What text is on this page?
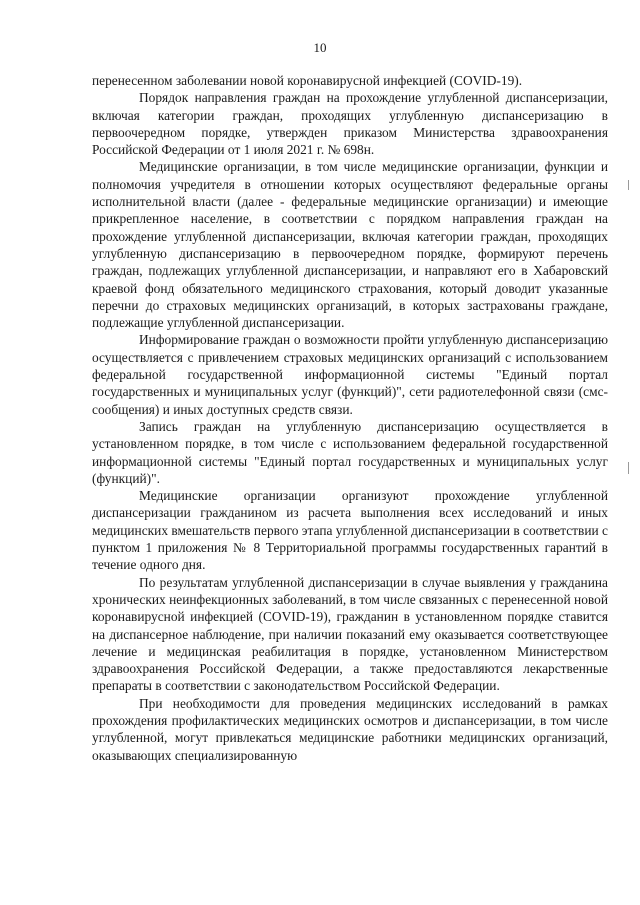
10

перенесенном заболевании новой коронавирусной инфекцией (COVID-19).

Порядок направления граждан на прохождение углубленной диспансеризации, включая категории граждан, проходящих углубленную диспансеризацию в первоочередном порядке, утвержден приказом Министерства здравоохранения Российской Федерации от 1 июля 2021 г. № 698н.

Медицинские организации, в том числе медицинские организации, функции и полномочия учредителя в отношении которых осуществляют федеральные органы исполнительной власти (далее - федеральные медицинские организации) и имеющие прикрепленное население, в соответствии с порядком направления граждан на прохождение углубленной диспансеризации, включая категории граждан, проходящих углубленную диспансеризацию в первоочередном порядке, формируют перечень граждан, подлежащих углубленной диспансеризации, и направляют его в Хабаровский краевой фонд обязательного медицинского страхования, который доводит указанные перечни до страховых медицинских организаций, в которых застрахованы граждане, подлежащие углубленной диспансеризации.

Информирование граждан о возможности пройти углубленную диспансеризацию осуществляется с привлечением страховых медицинских организаций с использованием федеральной государственной информационной системы "Единый портал государственных и муниципальных услуг (функций)", сети радиотелефонной связи (смс-сообщения) и иных доступных средств связи.

Запись граждан на углубленную диспансеризацию осуществляется в установленном порядке, в том числе с использованием федеральной государственной информационной системы "Единый портал государственных и муниципальных услуг (функций)".

Медицинские организации организуют прохождение углубленной диспансеризации гражданином из расчета выполнения всех исследований и иных медицинских вмешательств первого этапа углубленной диспансеризации в соответствии с пунктом 1 приложения № 8 Территориальной программы государственных гарантий в течение одного дня.

По результатам углубленной диспансеризации в случае выявления у гражданина хронических неинфекционных заболеваний, в том числе связанных с перенесенной новой коронавирусной инфекцией (COVID-19), гражданин в установленном порядке ставится на диспансерное наблюдение, при наличии показаний ему оказывается соответствующее лечение и медицинская реабилитация в порядке, установленном Министерством здравоохранения Российской Федерации, а также предоставляются лекарственные препараты в соответствии с законодательством Российской Федерации.

При необходимости для проведения медицинских исследований в рамках прохождения профилактических медицинских осмотров и диспансеризации, в том числе углубленной, могут привлекаться медицинские работники медицинских организаций, оказывающих специализированную
